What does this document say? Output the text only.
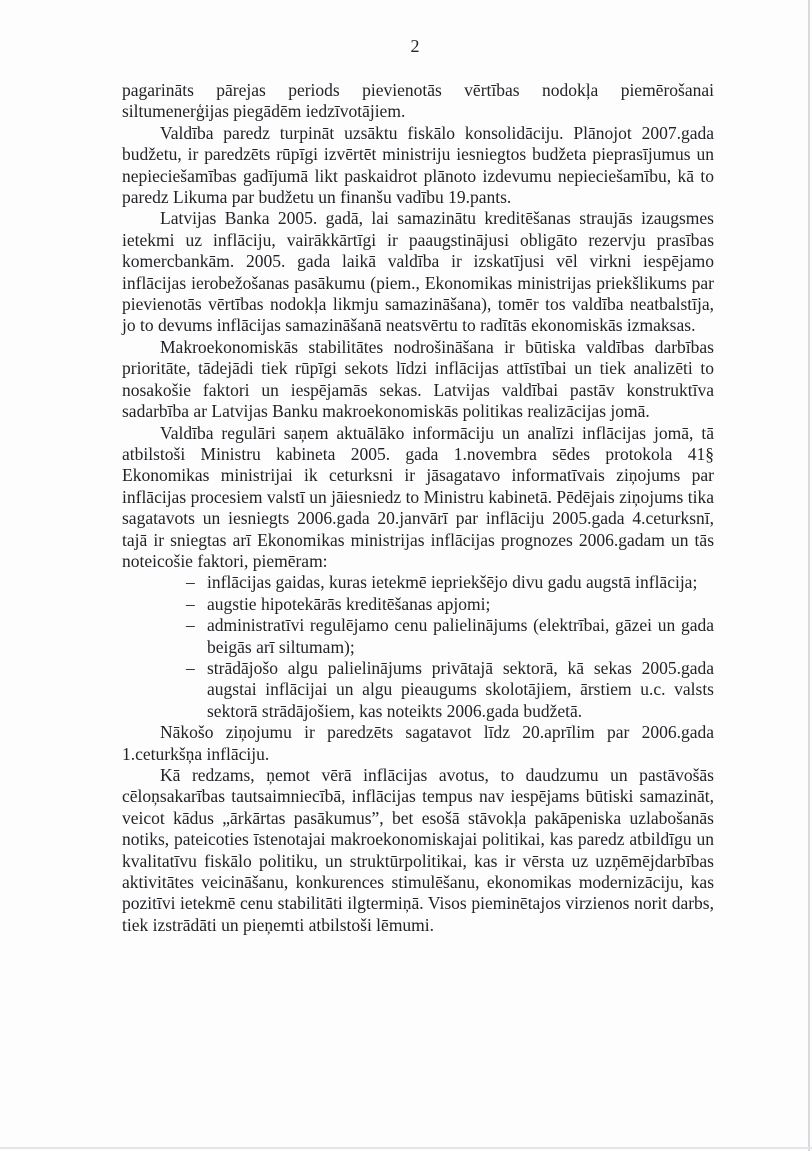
2

pagarināts pārejas periods pievienotās vērtības nodokļa piemērošanai siltumenerģijas piegādēm iedzīvotājiem.

Valdība paredz turpināt uzsāktu fiskālo konsolidāciju. Plānojot 2007.gada budžetu, ir paredzēts rūpīgi izvērtēt ministriju iesniegtos budžeta pieprasījumus un nepieciešamības gadījumā likt paskaidrot plānoto izdevumu nepieciešamību, kā to paredz Likuma par budžetu un finanšu vadību 19.pants.

Latvijas Banka 2005. gadā, lai samazinātu kreditēšanas straujās izaugsmes ietekmi uz inflāciju, vairākkārtīgi ir paaugstinājusi obligāto rezervju prasības komercbankām. 2005. gada laikā valdība ir izskatījusi vēl virkni iespējamo inflācijas ierobežošanas pasākumu (piem., Ekonomikas ministrijas priekšlikums par pievienotās vērtības nodokļa likmju samazināšana), tomēr tos valdība neatbalstīja, jo to devums inflācijas samazināšanā neatsvērtu to radītās ekonomiskās izmaksas.

Makroekonomiskās stabilitātes nodrošināšana ir būtiska valdības darbības prioritāte, tādejādi tiek rūpīgi sekots līdzi inflācijas attīstībai un tiek analizēti to nosakošie faktori un iespējamās sekas. Latvijas valdībai pastāv konstruktīva sadarbība ar Latvijas Banku makroekonomiskās politikas realizācijas jomā.

Valdība regulāri saņem aktuālāko informāciju un analīzi inflācijas jomā, tā atbilstoši Ministru kabineta 2005. gada 1.novembra sēdes protokola 41§ Ekonomikas ministrijai ik ceturksni ir jāsagatavo informatīvais ziņojums par inflācijas procesiem valstī un jāiesniedz to Ministru kabinetā. Pēdējais ziņojums tika sagatavots un iesniegts 2006.gada 20.janvārī par inflāciju 2005.gada 4.ceturksnī, tajā ir sniegtas arī Ekonomikas ministrijas inflācijas prognozes 2006.gadam un tās noteicošie faktori, piemēram:

– inflācijas gaidas, kuras ietekmē iepriekšējo divu gadu augstā inflācija;
– augstie hipotekārās kreditēšanas apjomi;
– administratīvi regulējamo cenu palielinājums (elektrībai, gāzei un gada beigās arī siltumam);
– strādājošo algu palielinājums privātajā sektorā, kā sekas 2005.gada augstai inflācijai un algu pieaugums skolotājiem, ārstiem u.c. valsts sektorā strādājošiem, kas noteikts 2006.gada budžetā.

Nākošo ziņojumu ir paredzēts sagatavot līdz 20.aprīlim par 2006.gada 1.ceturkšņa inflāciju.

Kā redzams, ņemot vērā inflācijas avotus, to daudzumu un pastāvošās cēloņsakarības tautsaimniecībā, inflācijas tempus nav iespējams būtiski samazināt, veicot kādus „ārkārtas pasākumus”, bet esošā stāvokļa pakāpeniska uzlabošanās notiks, pateicoties īstenotajai makroekonomiskajai politikai, kas paredz atbildīgu un kvalitatīvu fiskālo politiku, un struktūrpolitikai, kas ir vērsta uz uzņēmējdarbības aktivitātes veicināšanu, konkurences stimulēšanu, ekonomikas modernizāciju, kas pozitīvi ietekmē cenu stabilitāti ilgtermiņā. Visos pieminētajos virzienos norit darbs, tiek izstrādāti un pieņemti atbilstoši lēmumi.
